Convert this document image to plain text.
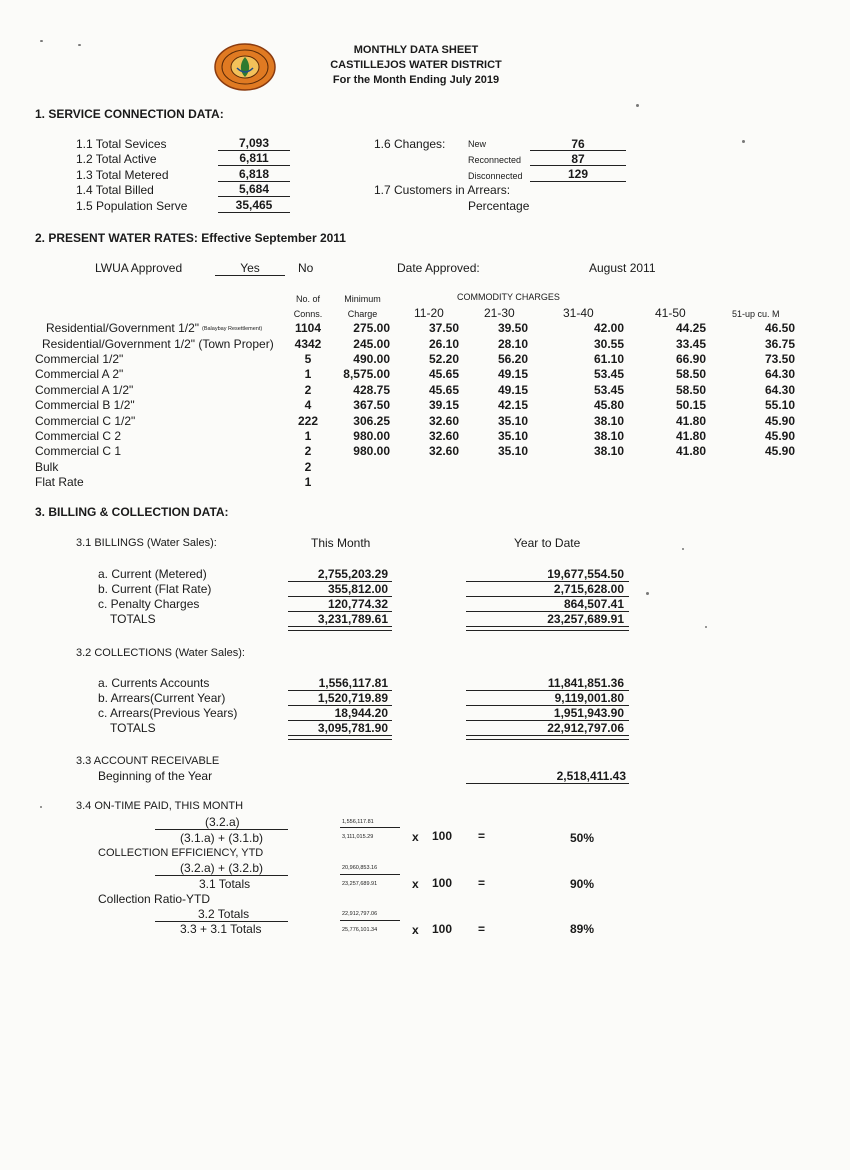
MONTHLY DATA SHEET
CASTILLEJOS WATER DISTRICT
For the Month Ending July 2019
1. SERVICE CONNECTION DATA:
1.1 Total Sevices	7,093
1.2 Total Active	6,811
1.3 Total Metered	6,818
1.4 Total Billed	5,684
1.5 Population Serve	35,465
1.6 Changes:	New	76
Reconnected	87
Disconnected	129
1.7 Customers in Arrears:
Percentage
2. PRESENT WATER RATES: Effective September 2011
LWUA Approved	Yes	No	Date Approved:	August 2011
No. of
Conns.
Minimum
Charge
COMMODITY CHARGES
11-20	21-30	31-40	41-50	51-up cu. M
Residential/Government 1/2" (Balaybay Resettlement)	1104	275.00	37.50	39.50	42.00	44.25	46.50
Residential/Government 1/2" (Town Proper)	4342	245.00	26.10	28.10	30.55	33.45	36.75
Commercial 1/2"	5	490.00	52.20	56.20	61.10	66.90	73.50
Commercial A 2"	1	8,575.00	45.65	49.15	53.45	58.50	64.30
Commercial A 1/2"	2	428.75	45.65	49.15	53.45	58.50	64.30
Commercial B 1/2"	4	367.50	39.15	42.15	45.80	50.15	55.10
Commercial C 1/2"	222	306.25	32.60	35.10	38.10	41.80	45.90
Commercial C 2	1	980.00	32.60	35.10	38.10	41.80	45.90
Commercial C 1	2	980.00	32.60	35.10	38.10	41.80	45.90
Bulk	2
Flat Rate	1
3. BILLING & COLLECTION DATA:
3.1 BILLINGS (Water Sales):	This Month	Year to Date
a. Current (Metered)	2,755,203.29	19,677,554.50
b. Current (Flat Rate)	355,812.00	2,715,628.00
c. Penalty Charges	120,774.32	864,507.41
TOTALS	3,231,789.61	23,257,689.91
3.2 COLLECTIONS (Water Sales):
a. Currents Accounts	1,556,117.81	11,841,851.36
b. Arrears(Current Year)	1,520,719.89	9,119,001.80
c. Arrears(Previous Years)	18,944.20	1,951,943.90
TOTALS	3,095,781.90	22,912,797.06
3.3 ACCOUNT RECEIVABLE
Beginning of the Year	2,518,411.43
3.4 ON-TIME PAID, THIS MONTH
(3.2.a)
(3.1.a) + (3.1.b)
1,556,117.81
3,111,015.29	x 100 =	50%
COLLECTION EFFICIENCY, YTD
(3.2.a) + (3.2.b)
3.1 Totals
20,960,853.16
23,257,689.91	x 100 =	90%
Collection Ratio-YTD
3.2 Totals
3.3 + 3.1 Totals
22,912,797.06
25,776,101.34	x 100 =	89%
